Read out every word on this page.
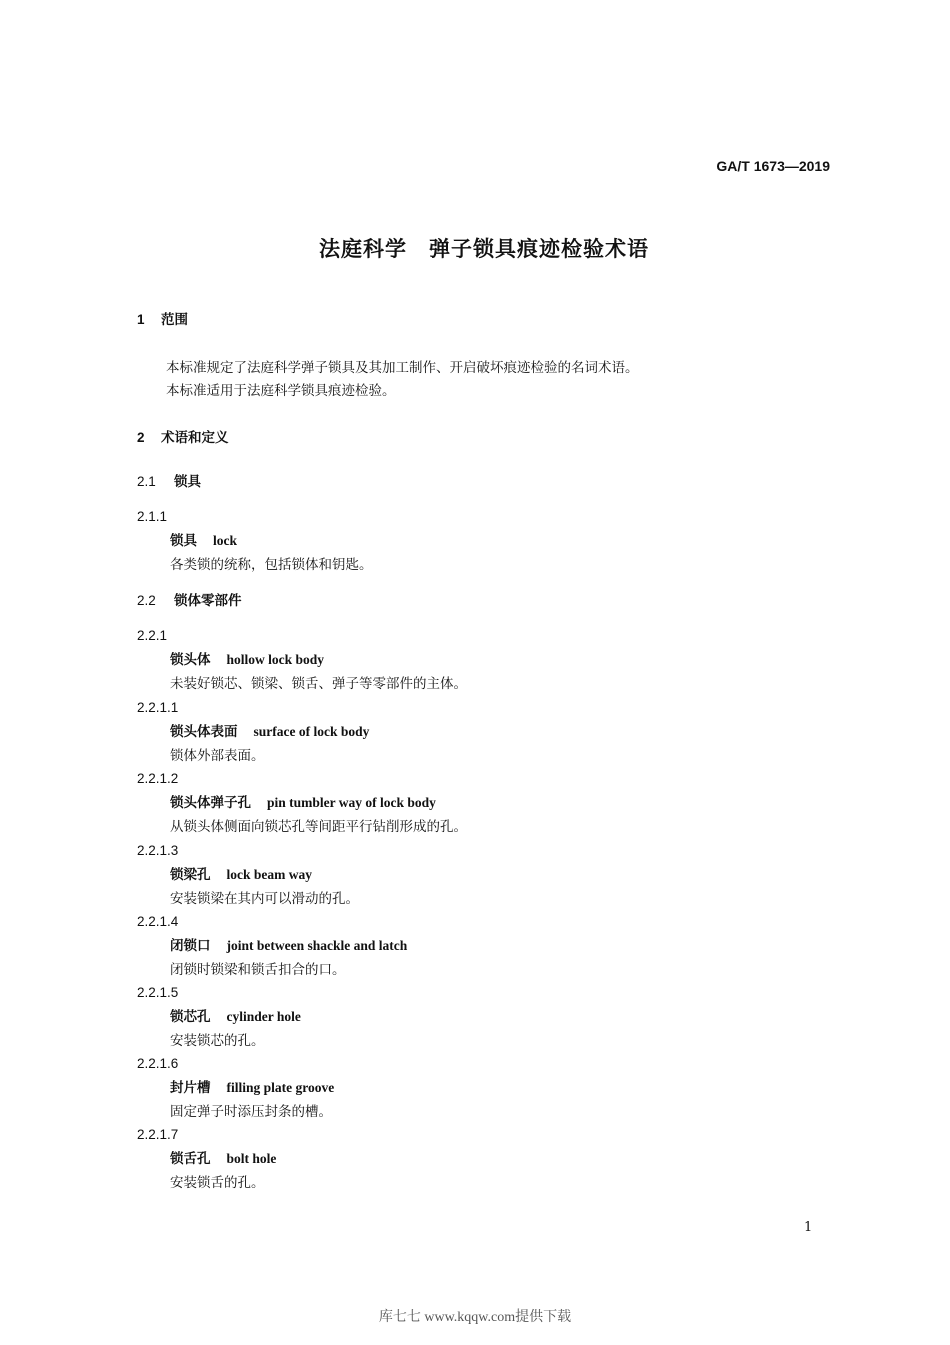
GA/T 1673—2019
法庭科学　弹子锁具痕迹检验术语
1 范围
本标准规定了法庭科学弹子锁具及其加工制作、开启破坏痕迹检验的名词术语。
本标准适用于法庭科学锁具痕迹检验。
2 术语和定义
2.1 锁具
2.2 锁体零部件
2.1.1
锁具 lock
各类锁的统称，包括锁体和钥匙。
2.2.1
锁头体 hollow lock body
未装好锁芯、锁梁、锁舌、弹子等零部件的主体。
2.2.1.1
锁头体表面 surface of lock body
锁体外部表面。
2.2.1.2
锁头体弹子孔 pin tumbler way of lock body
从锁头体侧面向锁芯孔等间距平行钻削形成的孔。
2.2.1.3
锁梁孔 lock beam way
安装锁梁在其内可以滑动的孔。
2.2.1.4
闭锁口 joint between shackle and latch
闭锁时锁梁和锁舌扣合的口。
2.2.1.5
锁芯孔 cylinder hole
安装锁芯的孔。
2.2.1.6
封片槽 filling plate groove
固定弹子时添压封条的槽。
2.2.1.7
锁舌孔 bolt hole
安装锁舌的孔。
1
库七七 www.kqqw.com提供下载
